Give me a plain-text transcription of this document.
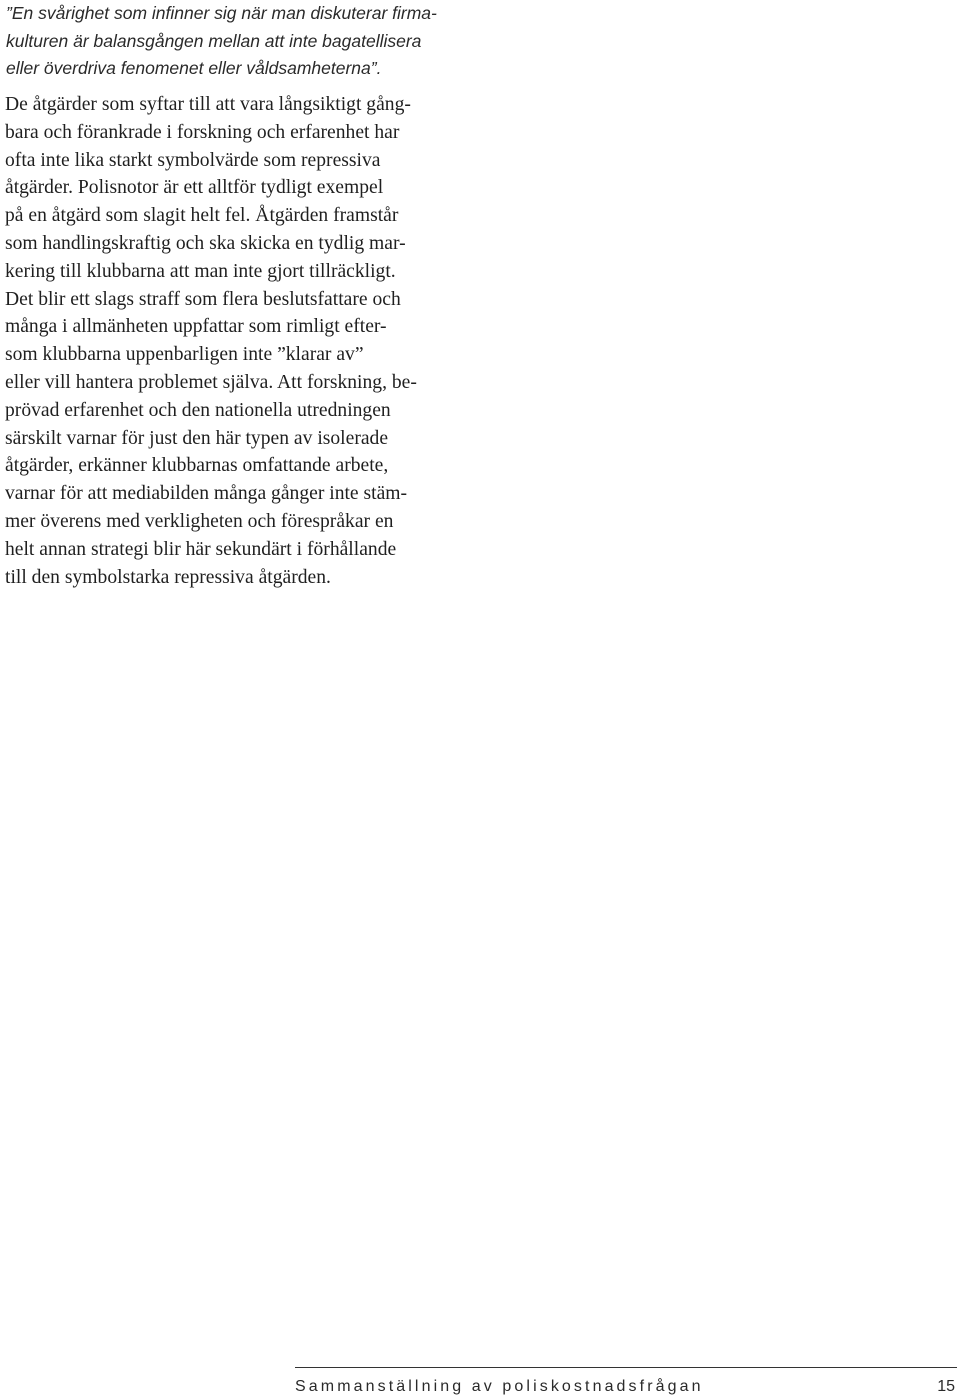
”En svårighet som infinner sig när man diskuterar firma-
kulturen är balansgången mellan att inte bagatellisera
eller överdriva fenomenet eller våldsamheterna”.
De åtgärder som syftar till att vara långsiktigt gång-
bara och förankrade i forskning och erfarenhet har
ofta inte lika starkt symbolvärde som repressiva
åtgärder. Polisnotor är ett alltför tydligt exempel
på en åtgärd som slagit helt fel. Åtgärden framstår
som handlingskraftig och ska skicka en tydlig mar-
kering till klubbarna att man inte gjort tillräckligt.
Det blir ett slags straff som flera beslutsfattare och
många i allmänheten uppfattar som rimligt efter-
som klubbarna uppenbarligen inte ”klarar av”
eller vill hantera problemet själva. Att forskning, be-
prövad erfarenhet och den nationella utredningen
särskilt varnar för just den här typen av isolerade
åtgärder, erkänner klubbarnas omfattande arbete,
varnar för att mediabilden många gånger inte stäm-
mer överens med verkligheten och förespråkar en
helt annan strategi blir här sekundärt i förhållande
till den symbolstarka repressiva åtgärden.
Sammanställning av poliskostnadsfrågan	15
